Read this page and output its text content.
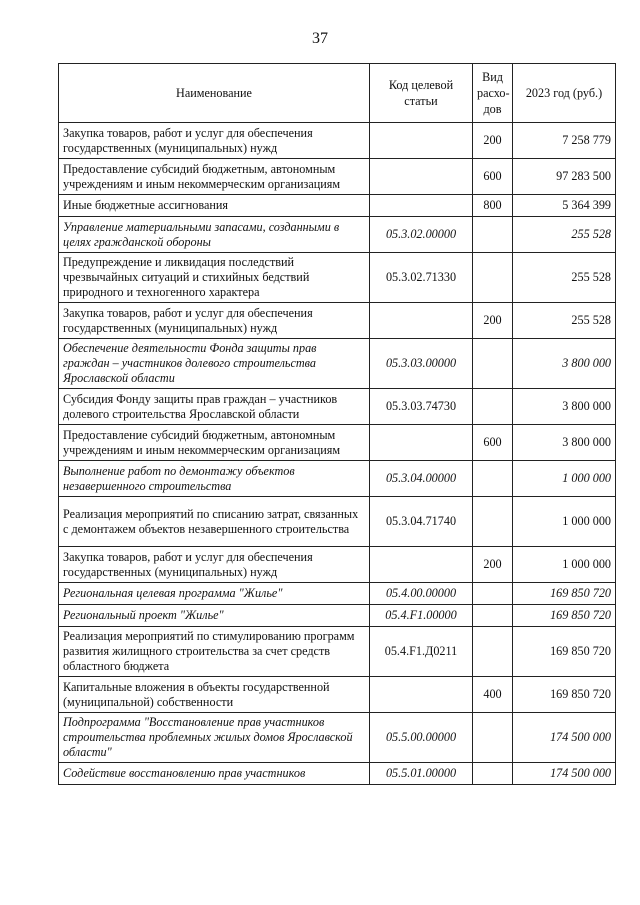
37
Наименование	Код целевой статьи	Вид расхо-дов	2023 год (руб.)
Закупка товаров, работ и услуг для обеспечения государственных (муниципальных) нужд		200	7 258 779
Предоставление субсидий бюджетным, автономным учреждениям и иным некоммерческим организациям		600	97 283 500
Иные бюджетные ассигнования		800	5 364 399
Управление материальными запасами, созданными в целях гражданской обороны	05.3.02.00000		255 528
Предупреждение и ликвидация последствий чрезвычайных ситуаций и стихийных бедствий природного и техногенного характера	05.3.02.71330		255 528
Закупка товаров, работ и услуг для обеспечения государственных (муниципальных) нужд		200	255 528
Обеспечение деятельности Фонда защиты прав граждан – участников долевого строительства Ярославской области	05.3.03.00000		3 800 000
Субсидия Фонду защиты прав граждан – участников долевого строительства Ярославской области	05.3.03.74730		3 800 000
Предоставление субсидий бюджетным, автономным учреждениям и иным некоммерческим организациям		600	3 800 000
Выполнение работ по демонтажу объектов незавершенного строительства	05.3.04.00000		1 000 000
Реализация мероприятий по списанию затрат, связанных с демонтажем объектов незавершенного строительства	05.3.04.71740		1 000 000
Закупка товаров, работ и услуг для обеспечения государственных (муниципальных) нужд		200	1 000 000
Региональная целевая программа "Жилье"	05.4.00.00000		169 850 720
Региональный проект "Жилье"	05.4.F1.00000		169 850 720
Реализация мероприятий по стимулированию программ развития жилищного строительства за счет средств областного бюджета	05.4.F1.Д0211		169 850 720
Капитальные вложения в объекты государственной (муниципальной) собственности		400	169 850 720
Подпрограмма "Восстановление прав участников строительства проблемных жилых домов Ярославской области"	05.5.00.00000		174 500 000
Содействие восстановлению прав участников	05.5.01.00000		174 500 000
